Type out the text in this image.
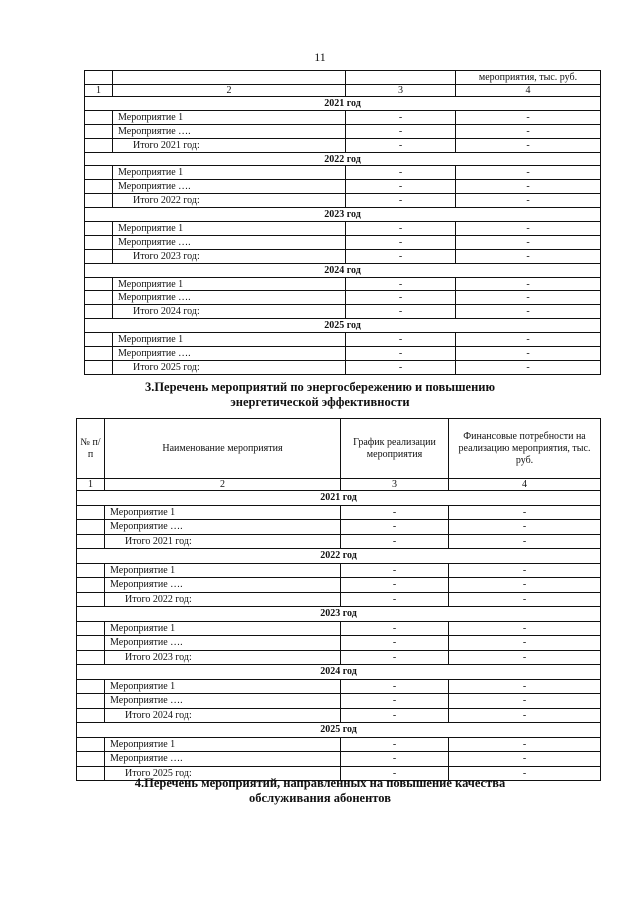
11
			мероприятия, тыс. руб.
1	2	3	4
2021 год			
	Мероприятие 1	-	-
	Мероприятие ….	-	-
	Итого 2021 год:	-	-
2022 год			
	Мероприятие 1	-	-
	Мероприятие ….	-	-
	Итого 2022 год:	-	-
2023 год			
	Мероприятие 1	-	-
	Мероприятие ….	-	-
	Итого 2023 год:	-	-
2024 год			
	Мероприятие 1	-	-
	Мероприятие ….	-	-
	Итого 2024 год:	-	-
2025 год			
	Мероприятие 1	-	-
	Мероприятие ….	-	-
	Итого 2025 год:	-	-
3.Перечень мероприятий по энергосбережению и повышению
энергетической эффективности
№ п/п	Наименование мероприятия	График реализации мероприятия	Финансовые потребности на реализацию мероприятия, тыс. руб.
1	2	3	4
2021 год			
	Мероприятие 1	-	-
	Мероприятие ….	-	-
	Итого 2021 год:	-	-
2022 год			
	Мероприятие 1	-	-
	Мероприятие ….	-	-
	Итого 2022 год:	-	-
2023 год			
	Мероприятие 1	-	-
	Мероприятие ….	-	-
	Итого 2023 год:	-	-
2024 год			
	Мероприятие 1	-	-
	Мероприятие ….	-	-
	Итого 2024 год:	-	-
2025 год			
	Мероприятие 1	-	-
	Мероприятие ….	-	-
	Итого 2025 год:	-	-
4.Перечень мероприятий, направленных на повышение качества
обслуживания абонентов
